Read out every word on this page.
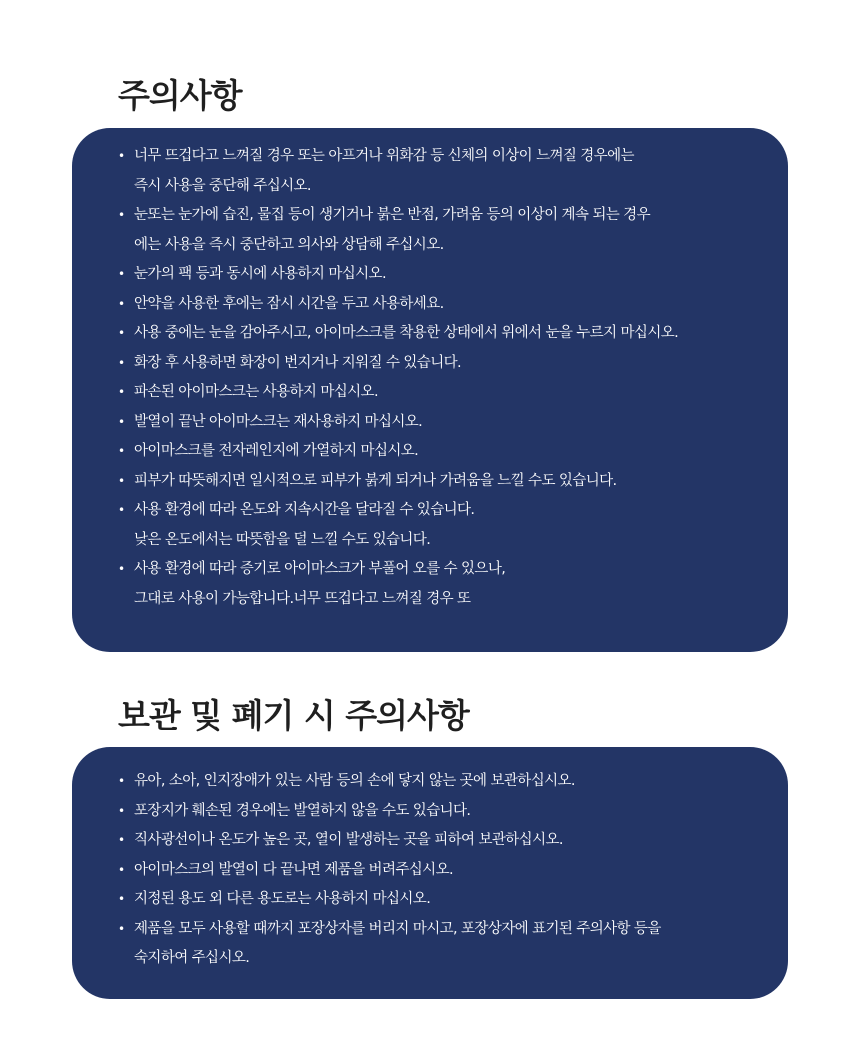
주의사항
• 너무 뜨겁다고 느껴질 경우 또는 아프거나 위화감 등 신체의 이상이 느껴질 경우에는
즉시 사용을 중단해 주십시오.
• 눈또는 눈가에 습진, 물집 등이 생기거나 붉은 반점, 가려움 등의 이상이 계속 되는 경우
에는 사용을 즉시 중단하고 의사와 상담해 주십시오.
• 눈가의 팩 등과 동시에 사용하지 마십시오.
• 안약을 사용한 후에는 잠시 시간을 두고 사용하세요.
• 사용 중에는 눈을 감아주시고, 아이마스크를 착용한 상태에서 위에서 눈을 누르지 마십시오.
• 화장 후 사용하면 화장이 번지거나 지워질 수 있습니다.
• 파손된 아이마스크는 사용하지 마십시오.
• 발열이 끝난 아이마스크는 재사용하지 마십시오.
• 아이마스크를 전자레인지에 가열하지 마십시오.
• 피부가 따뜻해지면 일시적으로 피부가 붉게 되거나 가려움을 느낄 수도 있습니다.
• 사용 환경에 따라 온도와 지속시간을 달라질 수 있습니다.
낮은 온도에서는 따뜻함을 덜 느낄 수도 있습니다.
• 사용 환경에 따라 증기로 아이마스크가 부풀어 오를 수 있으나,
그대로 사용이 가능합니다.너무 뜨겁다고 느껴질 경우 또
보관 및 폐기 시 주의사항
• 유아, 소아, 인지장애가 있는 사람 등의 손에 닿지 않는 곳에 보관하십시오.
• 포장지가 훼손된 경우에는 발열하지 않을 수도 있습니다.
• 직사광선이나 온도가 높은 곳, 열이 발생하는 곳을 피하여 보관하십시오.
• 아이마스크의 발열이 다 끝나면 제품을 버려주십시오.
• 지정된 용도 외 다른 용도로는 사용하지 마십시오.
• 제품을 모두 사용할 때까지 포장상자를 버리지 마시고, 포장상자에 표기된 주의사항 등을
숙지하여 주십시오.
